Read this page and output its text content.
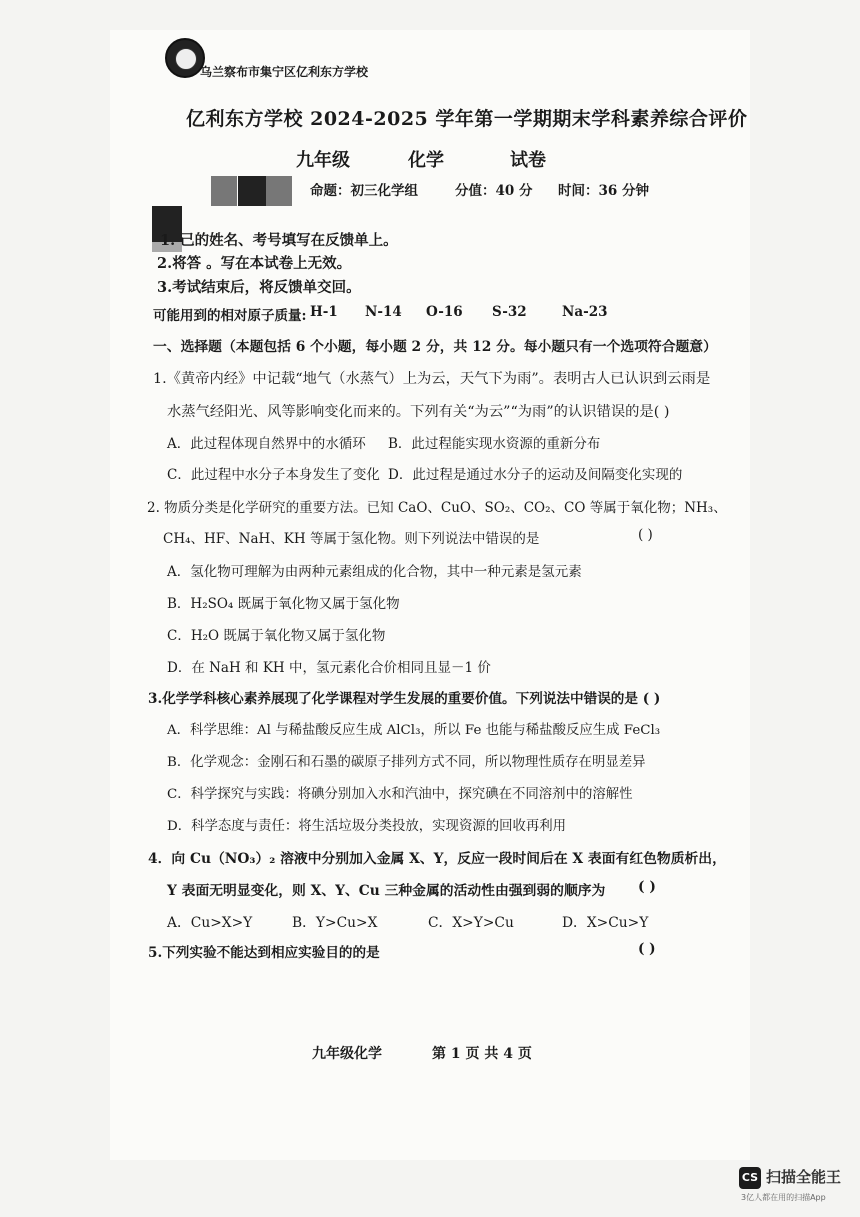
乌兰察布市集宁区亿利东方学校
亿利东方学校 2024-2025 学年第一学期期末学科素养综合评价
九年级	化学	试卷
命题：初三化学组	分值：40 分 时间：36 分钟
1. 己的姓名、考号填写在反馈单上。
2.将答 。写在本试卷上无效。
3.考试结束后，将反馈单交回。
可能用到的相对原子质量: H-1 N-14 O-16 S-32	Na-23
一、选择题（本题包括 6 个小题，每小题 2 分，共 12 分。每小题只有一个选项符合题意）
1.《黄帝内经》中记载“地气（水蒸气）上为云，天气下为雨”。表明古人已认识到云雨是
水蒸气经阳光、风等影响变化而来的。下列有关“为云”“为雨”的认识错误的是( )
A．此过程体现自然界中的水循环 B．此过程能实现水资源的重新分布
C．此过程中水分子本身发生了变化 D．此过程是通过水分子的运动及间隔变化实现的
2. 物质分类是化学研究的重要方法。已知 CaO、CuO、SO₂、CO₂、CO 等属于氧化物；NH₃、
CH₄、HF、NaH、KH 等属于氢化物。则下列说法中错误的是	( )
A．氢化物可理解为由两种元素组成的化合物，其中一种元素是氢元素
B．H₂SO₄ 既属于氧化物又属于氢化物
C．H₂O 既属于氧化物又属于氢化物
D．在 NaH 和 KH 中，氢元素化合价相同且显－1 价
3.化学学科核心素养展现了化学课程对学生发展的重要价值。下列说法中错误的是 ( )
A．科学思维：Al 与稀盐酸反应生成 AlCl₃，所以 Fe 也能与稀盐酸反应生成 FeCl₃
B．化学观念：金刚石和石墨的碳原子排列方式不同，所以物理性质存在明显差异
C．科学探究与实践：将碘分别加入水和汽油中，探究碘在不同溶剂中的溶解性
D．科学态度与责任：将生活垃圾分类投放，实现资源的回收再利用
4．向 Cu（NO₃）₂ 溶液中分别加入金属 X、Y，反应一段时间后在 X 表面有红色物质析出，
Y 表面无明显变化，则 X、Y、Cu 三种金属的活动性由强到弱的顺序为 ( )
A．Cu>X>Y	B．Y>Cu>X	C．X>Y>Cu	D．X>Cu>Y
5.下列实验不能达到相应实验目的的是	( )
九年级化学	第 1 页 共 4 页
CS 扫描全能王
3亿人都在用的扫描App
